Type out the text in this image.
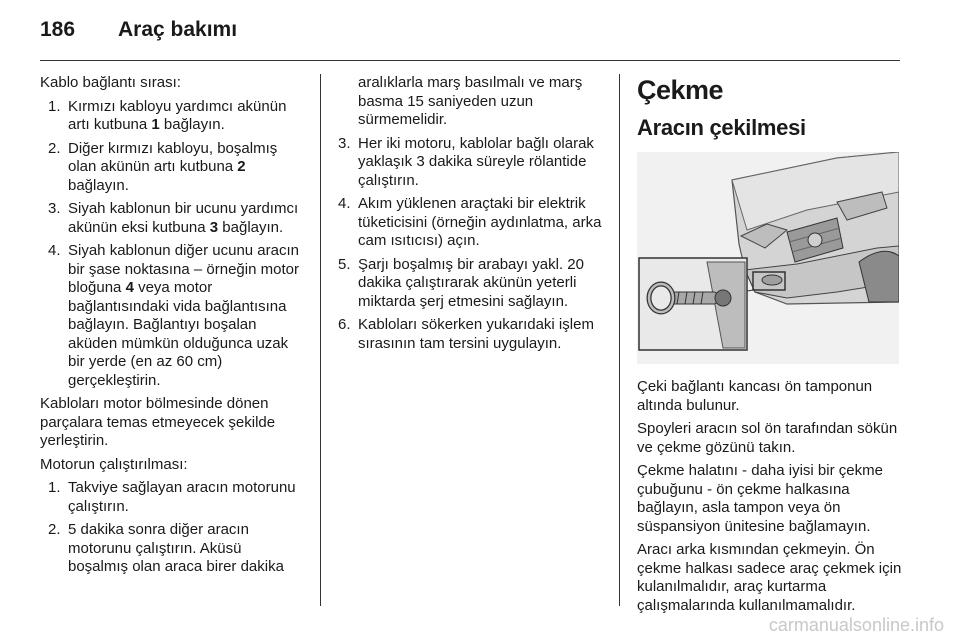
186 Araç bakımı

Kablo bağlantı sırası:

1. Kırmızı kabloyu yardımcı akünün artı kutbuna 1 bağlayın.
2. Diğer kırmızı kabloyu, boşalmış olan akünün artı kutbuna 2 bağlayın.
3. Siyah kablonun bir ucunu yardımcı akünün eksi kutbuna 3 bağlayın.
4. Siyah kablonun diğer ucunu aracın bir şase noktasına – örneğin motor bloğuna 4 veya motor bağlantısındaki vida bağlantısına bağlayın. Bağlantıyı boşalan aküden mümkün olduğunca uzak bir yerde (en az 60 cm) gerçekleştirin.

Kabloları motor bölmesinde dönen parçalara temas etmeyecek şekilde yerleştirin.

Motorun çalıştırılması:

1. Takviye sağlayan aracın motorunu çalıştırın.
2. 5 dakika sonra diğer aracın motorunu çalıştırın. Aküsü boşalmış olan araca birer dakika

aralıklarla marş basılmalı ve marş basma 15 saniyeden uzun sürmemelidir.

3. Her iki motoru, kablolar bağlı olarak yaklaşık 3 dakika süreyle rölantide çalıştırın.
4. Akım yüklenen araçtaki bir elektrik tüketicisini (örneğin aydınlatma, arka cam ısıtıcısı) açın.
5. Şarjı boşalmış bir arabayı yakl. 20 dakika çalıştırarak akünün yeterli miktarda şerj etmesini sağlayın.
6. Kabloları sökerken yukarıdaki işlem sırasının tam tersini uygulayın.
Çekme
Aracın çekilmesi

Çeki bağlantı kancası ön tamponun altında bulunur.

Spoyleri aracın sol ön tarafından sökün ve çekme gözünü takın.

Çekme halatını - daha iyisi bir çekme çubuğunu - ön çekme halkasına bağlayın, asla tampon veya ön süspansiyon ünitesine bağlamayın.

Aracı arka kısmından çekmeyin. Ön çekme halkası sadece araç çekmek için kulanılmalıdır, araç kurtarma çalışmalarında kullanılmamalıdır.

carmanualsonline.info
